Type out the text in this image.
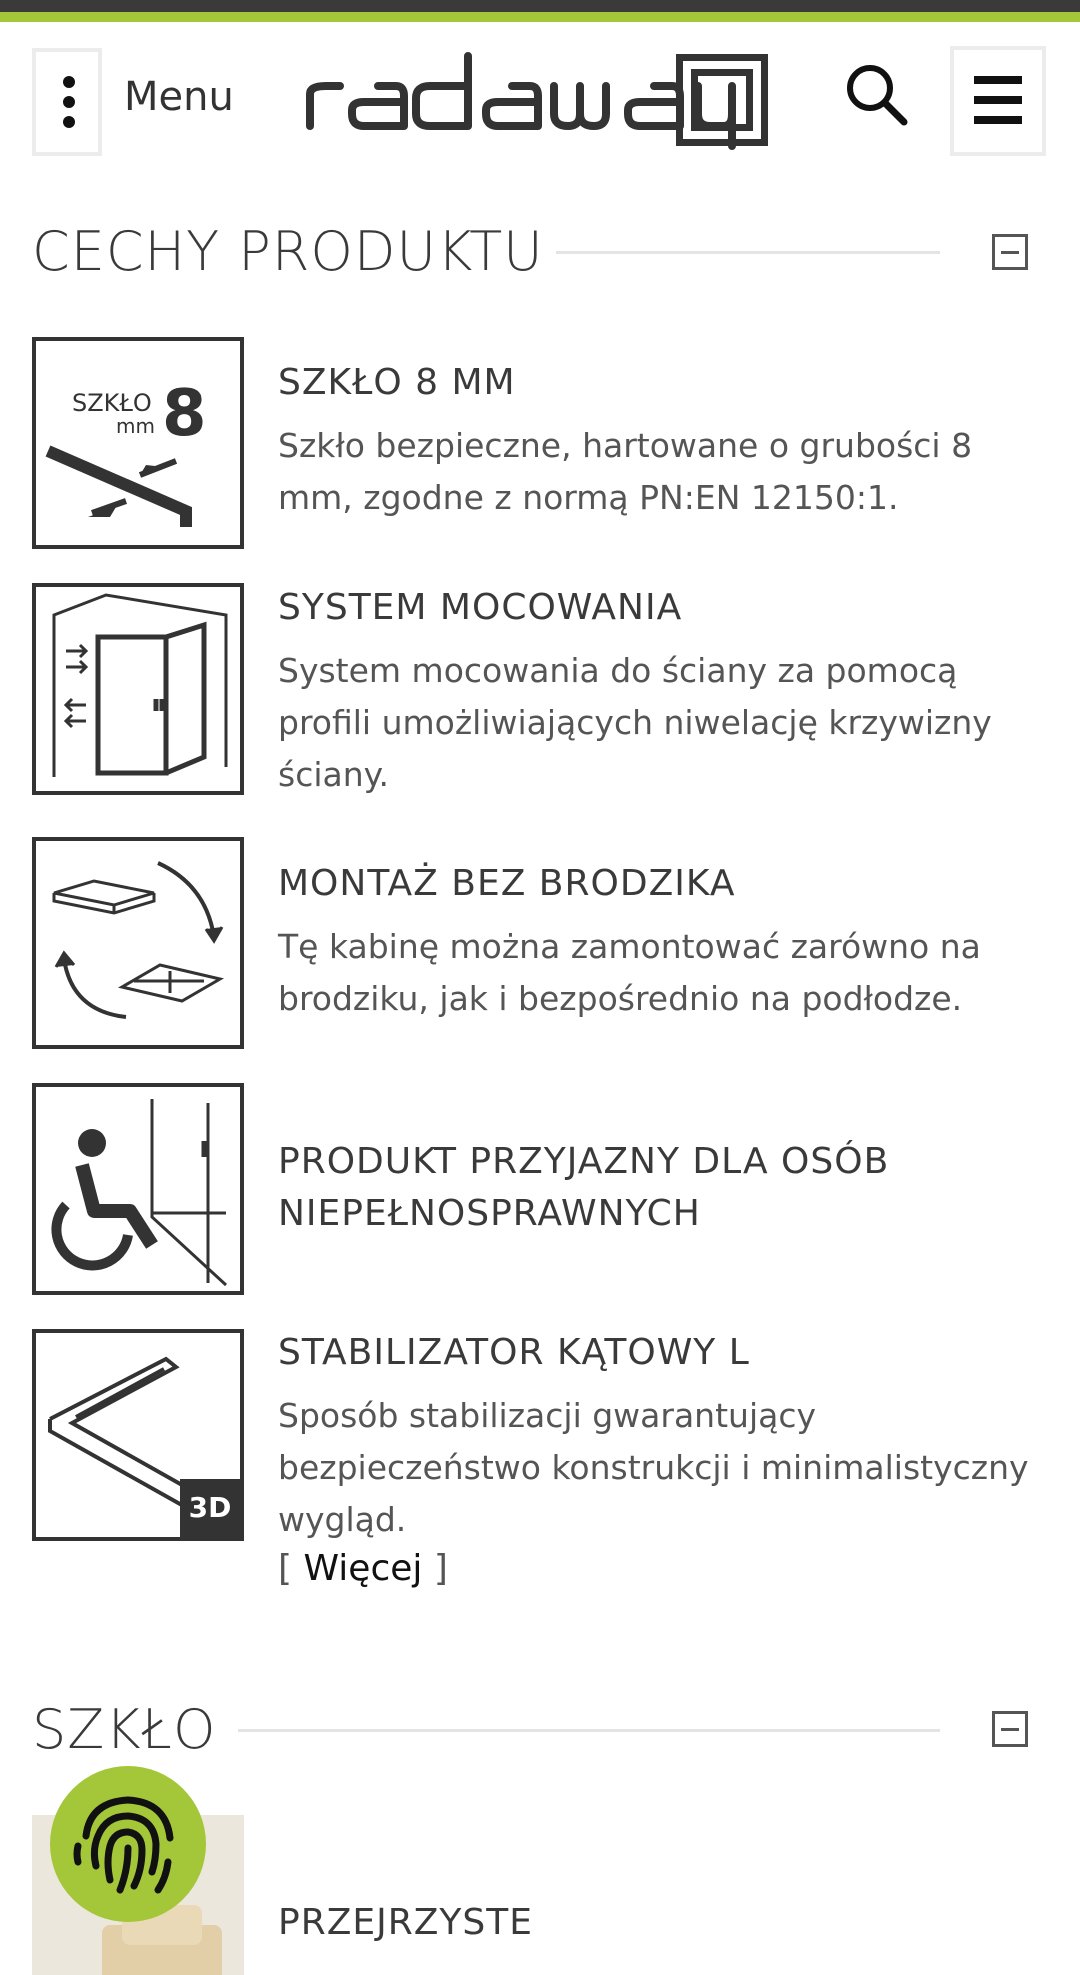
Menu
CECHY PRODUKTU
SZKŁO
mm 8 SZKŁO 8 MM
Szkło bezpieczne, hartowane o grubości 8 mm, zgodne z normą PN:EN 12150:1.
SYSTEM MOCOWANIA
System mocowania do ściany za pomocą profili umożliwiających niwelację krzywizny ściany.
MONTAŻ BEZ BRODZIKA
Tę kabinę można zamontować zarówno na brodziku, jak i bezpośrednio na podłodze.
PRODUKT PRZYJAZNY DLA OSÓB NIEPEŁNOSPRAWNYCH
3D
STABILIZATOR KĄTOWY L
Sposób stabilizacji gwarantujący bezpieczeństwo konstrukcji i minimalistyczny wygląd.
[ Więcej ]
SZKŁO
PRZEJRZYSTE
